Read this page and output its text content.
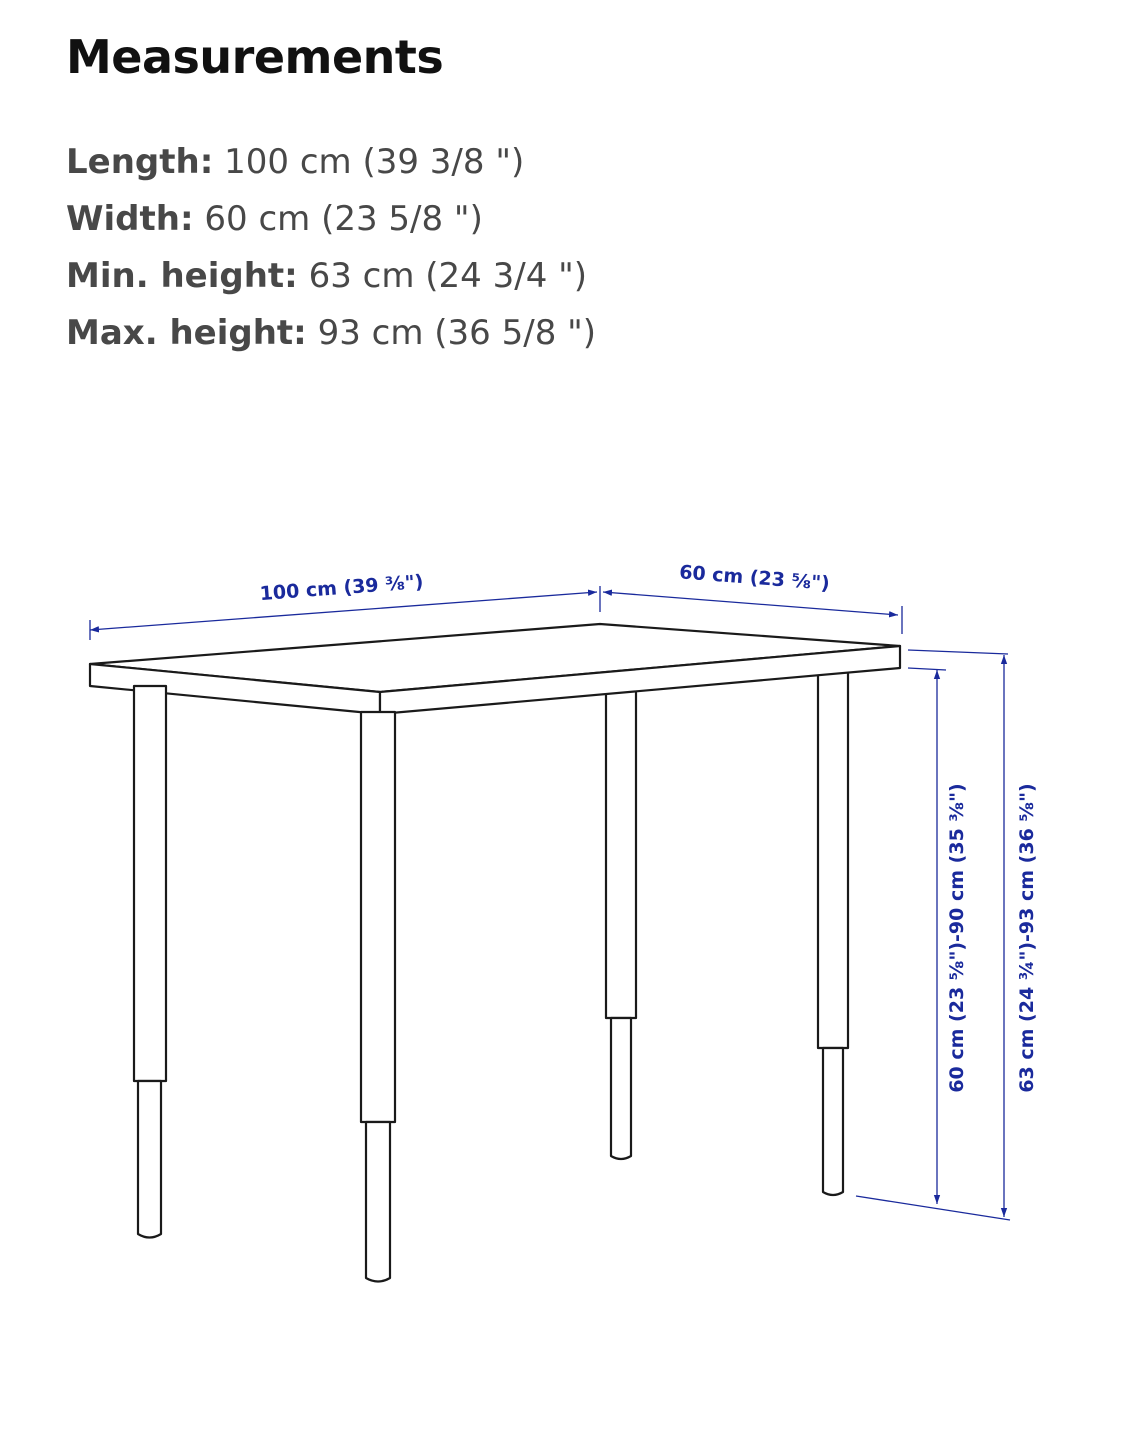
Measurements
Length: 100 cm (39 3/8 ")
Width: 60 cm (23 5/8 ")
Min. height: 63 cm (24 3/4 ")
Max. height: 93 cm (36 5/8 ")
100 cm (39 ⅜")	60 cm (23 ⅝")
60 cm (23 ⅝")-90 cm (35 ⅜")	63 cm (24 ¾")-93 cm (36 ⅝")
